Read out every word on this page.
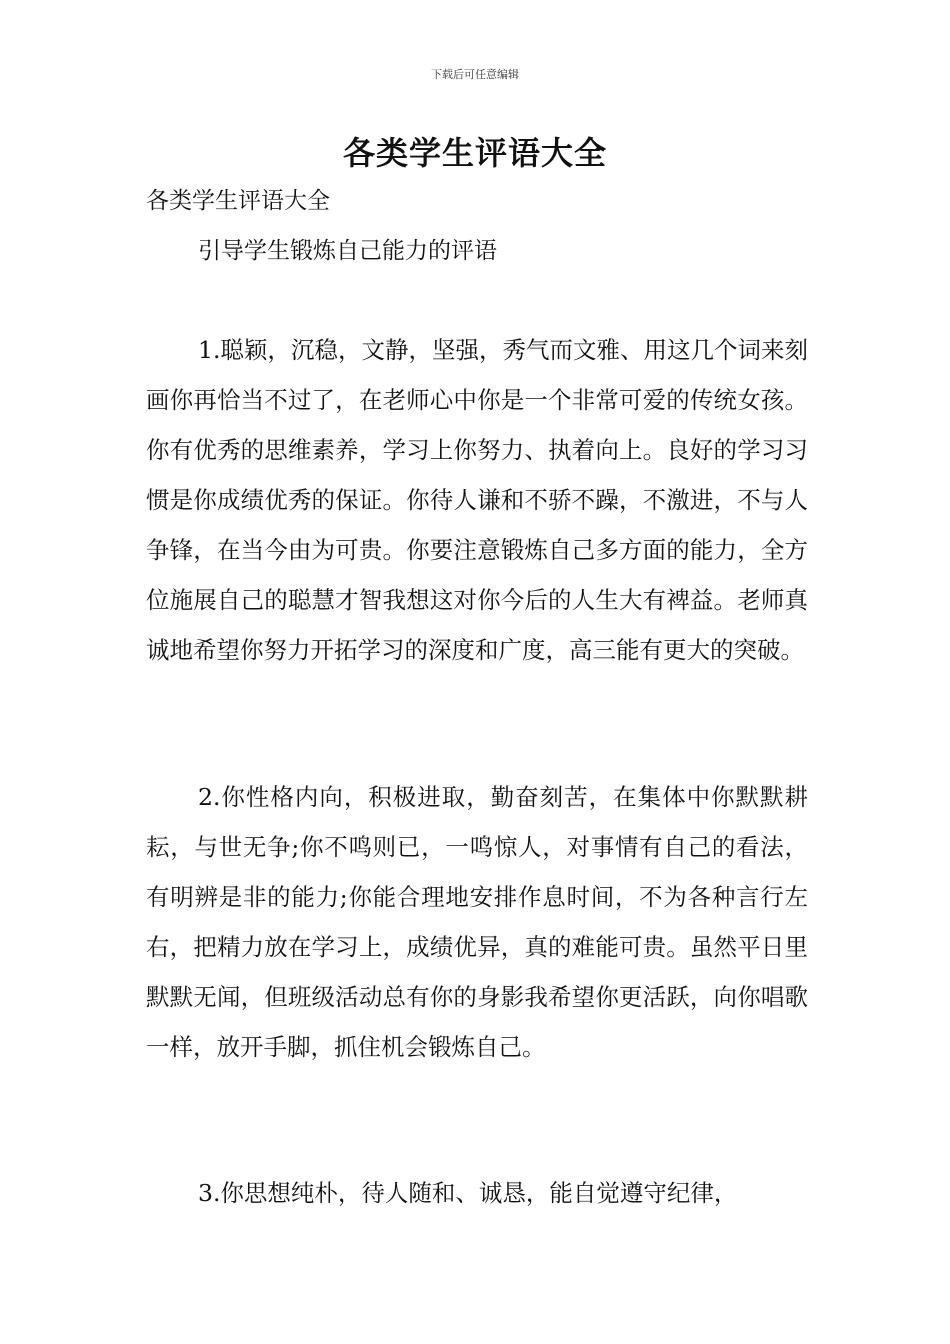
下载后可任意编辑
各类学生评语大全
各类学生评语大全
引导学生锻炼自己能力的评语

1.聪颖，沉稳，文静，坚强，秀气而文雅、用这几个词来刻画你再恰当不过了，在老师心中你是一个非常可爱的传统女孩。你有优秀的思维素养，学习上你努力、执着向上。良好的学习习惯是你成绩优秀的保证。你待人谦和不骄不躁，不激进，不与人争锋，在当今由为可贵。你要注意锻炼自己多方面的能力，全方位施展自己的聪慧才智我想这对你今后的人生大有裨益。老师真诚地希望你努力开拓学习的深度和广度，高三能有更大的突破。

2.你性格内向，积极进取，勤奋刻苦，在集体中你默默耕耘，与世无争;你不鸣则已，一鸣惊人，对事情有自己的看法，有明辨是非的能力;你能合理地安排作息时间，不为各种言行左右，把精力放在学习上，成绩优异，真的难能可贵。虽然平日里默默无闻，但班级活动总有你的身影我希望你更活跃，向你唱歌一样，放开手脚，抓住机会锻炼自己。

3.你思想纯朴，待人随和、诚恳，能自觉遵守纪律，
